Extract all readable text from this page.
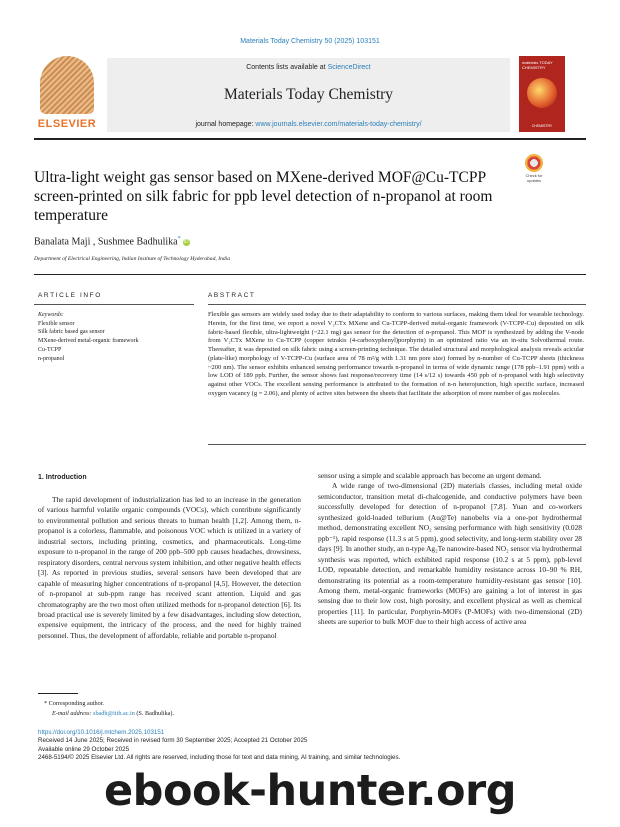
Materials Today Chemistry 50 (2025) 103151
ELSEVIER
Contents lists available at ScienceDirect
Materials Today Chemistry
journal homepage: www.journals.elsevier.com/materials-today-chemistry/
materials TODAY CHEMISTRY
CHEMISTRY
Ultra-light weight gas sensor based on MXene-derived MOF@Cu-TCPP screen-printed on silk fabric for ppb level detection of n-propanol at room temperature
Check for updates
Banalata Maji , Sushmee Badhulika*iD
Department of Electrical Engineering, Indian Institute of Technology Hyderabad, India
ARTICLE INFO	ABSTRACT
Keywords:
Flexible sensor
Silk fabric based gas sensor
MXene-derived metal-organic framework
Cu-TCPP
n-propanol
Flexible gas sensors are widely used today due to their adaptability to conform to various surfaces, making them ideal for wearable technology. Herein, for the first time, we report a novel V₂CTx MXene and Cu-TCPP-derived metal-organic framework (V-TCPP-Cu) deposited on silk fabric-based flexible, ultra-lightweight (~22.1 mg) gas sensor for the detection of n-propanol. This MOF is synthesized by adding the V-node from V₂CTx MXene to Cu-TCPP (copper tetrakis (4-carboxyphenyl)porphyrin) in an optimized ratio via an in-situ Solvothermal route. Thereafter, it was deposited on silk fabric using a screen-printing technique. The detailed structural and morphological analysis reveals acicular (plate-like) morphology of V-TCPP-Cu (surface area of 78 m²/g with 1.31 nm pore size) formed by n-number of Cu-TCPP sheets (thickness ~200 nm). The sensor exhibits enhanced sensing performance towards n-propanol in terms of wide dynamic range (178 ppb–1.91 ppm) with a low LOD of 189 ppb. Further, the sensor shows fast response/recovery time (14 s/12 s) towards 450 ppb of n-propanol with high selectivity against other VOCs. The excellent sensing performance is attributed to the formation of n-n heterojunction, high specific surface, increased oxygen vacancy (g = 2.06), and plenty of active sites between the sheets that facilitate the adsorption of more number of gas molecules.
1. Introduction

The rapid development of industrialization has led to an increase in the generation of various harmful volatile organic compounds (VOCs), which contribute significantly to environmental pollution and serious threats to human health [1,2]. Among them, n-propanol is a colorless, flammable, and poisonous VOC which is utilized in a variety of industrial sectors, including printing, cosmetics, and pharmaceuticals. Long-time exposure to n-propanol in the range of 200 ppb–500 ppb causes headaches, drowsiness, respiratory disorders, central nervous system inhibition, and other negative health effects [3]. As reported in previous studies, several sensors have been developed that are capable of measuring higher concentrations of n-propanol [4,5]. However, the detection of n-propanol at sub-ppm range has received scant attention. Liquid and gas chromatography are the two most often utilized methods for n-propanol detection [6]. Its broad practical use is severely limited by a few disadvantages, including slow detection, expensive equipment, the intricacy of the process, and the need for highly trained personnel. Thus, the development of affordable, reliable and portable n-propanol

sensor using a simple and scalable approach has become an urgent demand.

A wide range of two-dimensional (2D) materials classes, including metal oxide semiconductor, transition metal di-chalcogenide, and conductive polymers have been successfully developed for detection of n-propanol [7,8]. Yuan and co-workers synthesized gold-loaded tellurium (Au@Te) nanobelts via a one-pot hydrothermal method, demonstrating excellent NO₂ sensing performance with high sensitivity (0.028 ppb⁻¹), rapid response (11.3 s at 5 ppm), good selectivity, and long-term stability over 28 days [9]. In another study, an n-type Ag₂Te nanowire-based NO₂ sensor via hydrothermal synthesis was reported, which exhibited rapid response (10.2 s at 5 ppm), ppb-level LOD, repeatable detection, and remarkable humidity resistance across 10–90 % RH, demonstrating its potential as a room-temperature humidity-resistant gas sensor [10]. Among them, metal-organic frameworks (MOFs) are gaining a lot of interest in gas sensing due to their low cost, high porosity, and excellent physical as well as chemical properties [11]. In particular, Porphyrin-MOFs (P-MOFs) with two-dimensional (2D) sheets are superior to bulk MOF due to their high access of active area

* Corresponding author.
E-mail address: sbadh@iith.ac.in (S. Badhulika).
https://doi.org/10.1016/j.mtchem.2025.103151
Received 14 June 2025; Received in revised form 30 September 2025; Accepted 21 October 2025
Available online 29 October 2025
2468-5194/© 2025 Elsevier Ltd. All rights are reserved, including those for text and data mining, AI training, and similar technologies.
ebook-hunter.org
